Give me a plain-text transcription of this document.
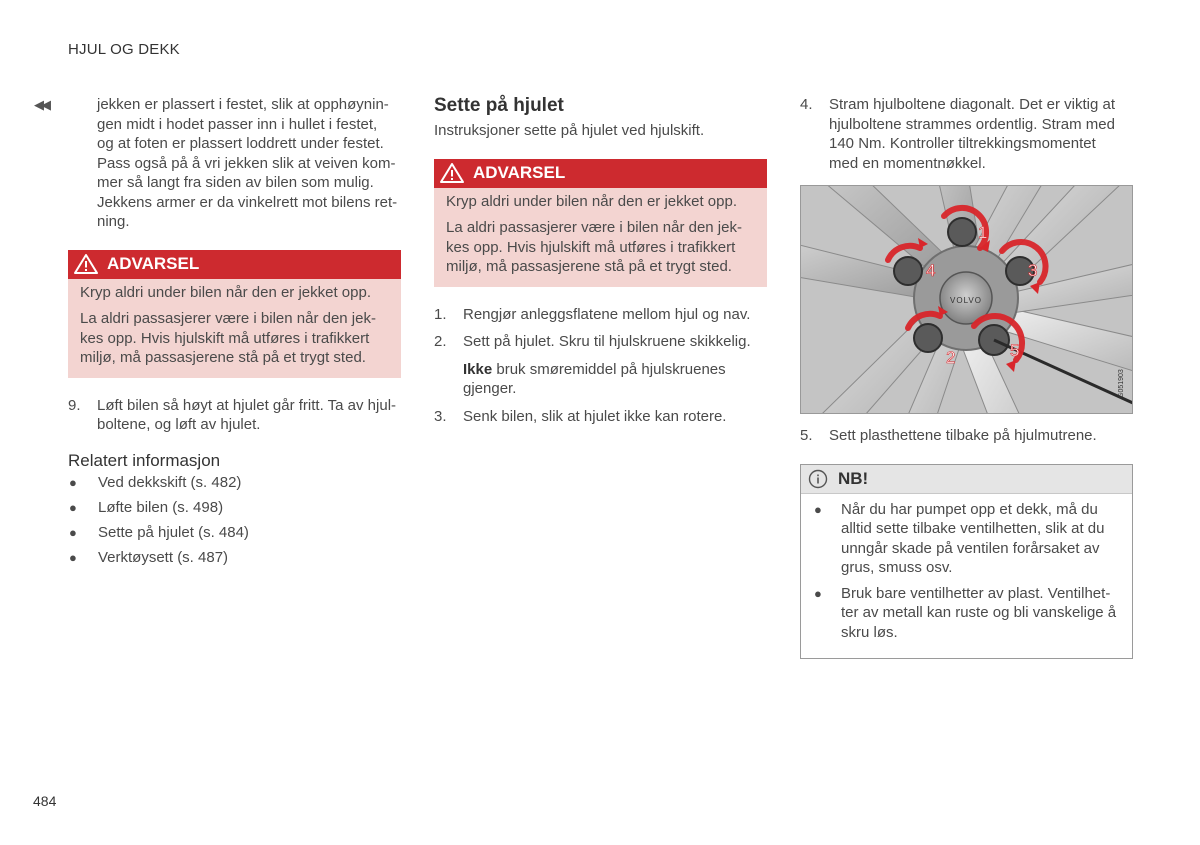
HJUL OG DEKK
◀◀	jekken er plassert i festet, slik at opphøynin-
gen midt i hodet passer inn i hullet i festet,
og at foten er plassert loddrett under festet.
Pass også på å vri jekken slik at veiven kom-
mer så langt fra siden av bilen som mulig.
Jekkens armer er da vinkelrett mot bilens ret-
ning.
ADVARSEL

Kryp aldri under bilen når den er jekket opp.

La aldri passasjerer være i bilen når den jek-
kes opp. Hvis hjulskift må utføres i trafikkert
miljø, må passasjerene stå på et trygt sted.

9.	Løft bilen så høyt at hjulet går fritt. Ta av hjul-
boltene, og løft av hjulet.
Relatert informasjon
●	Ved dekkskift (s. 482)
●	Løfte bilen (s. 498)
●	Sette på hjulet (s. 484)
●	Verktøysett (s. 487)
Sette på hjulet
Instruksjoner sette på hjulet ved hjulskift.
ADVARSEL

Kryp aldri under bilen når den er jekket opp.

La aldri passasjerer være i bilen når den jek-
kes opp. Hvis hjulskift må utføres i trafikkert
miljø, må passasjerene stå på et trygt sted.

1.	Rengjør anleggsflatene mellom hjul og nav.
2.	Sett på hjulet. Skru til hjulskruene skikkelig.
Ikke bruk smøremiddel på hjulskruenes
gjenger.
3.	Senk bilen, slik at hjulet ikke kan rotere.
4.	Stram hjulboltene diagonalt. Det er viktig at
hjulboltene strammes ordentlig. Stram med
140 Nm. Kontroller tiltrekkingsmomentet
med en momentnøkkel.
VOLVO
1
2
3
4
5
G051903
5.	Sett plasthettene tilbake på hjulmutrene.
NB!
●	Når du har pumpet opp et dekk, må du
alltid sette tilbake ventilhetten, slik at du
unngår skade på ventilen forårsaket av
grus, smuss osv.
●	Bruk bare ventilhetter av plast. Ventilhet-
ter av metall kan ruste og bli vanskelige å
skru løs.
484
